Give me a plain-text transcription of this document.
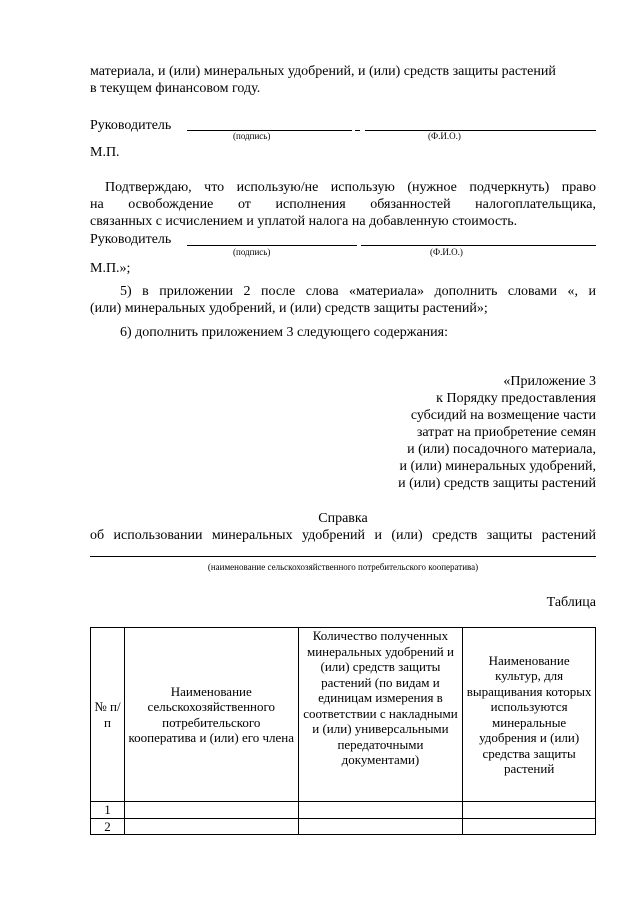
материала, и (или) минеральных удобрений, и (или) средств защиты растений
в текущем финансовом году.
Руководитель
(подпись)	(Ф.И.О.)
М.П.
Подтверждаю, что использую/не использую (нужное подчеркнуть) право
на освобождение от исполнения обязанностей налогоплательщика,
связанных с исчислением и уплатой налога на добавленную стоимость.
Руководитель
(подпись)	(Ф.И.О.)
М.П.»;
5) в приложении 2 после слова «материала» дополнить словами «, и
(или) минеральных удобрений, и (или) средств защиты растений»;
6) дополнить приложением 3 следующего содержания:
«Приложение 3
к Порядку предоставления
субсидий на возмещение части
затрат на приобретение семян
и (или) посадочного материала,
и (или) минеральных удобрений,
и (или) средств защиты растений
Справка
об использовании минеральных удобрений и (или) средств защиты растений
(наименование сельскохозяйственного потребительского кооператива)
Таблица
№ п/п	Наименование сельскохозяйственного потребительского кооператива и (или) его члена	Количество полученных минеральных удобрений и (или) средств защиты растений (по видам и единицам измерения в соответствии с накладными и (или) универсальными передаточными документами)	Наименование культур, для выращивания которых используются минеральные удобрения и (или) средства защиты растений
1			
2			
